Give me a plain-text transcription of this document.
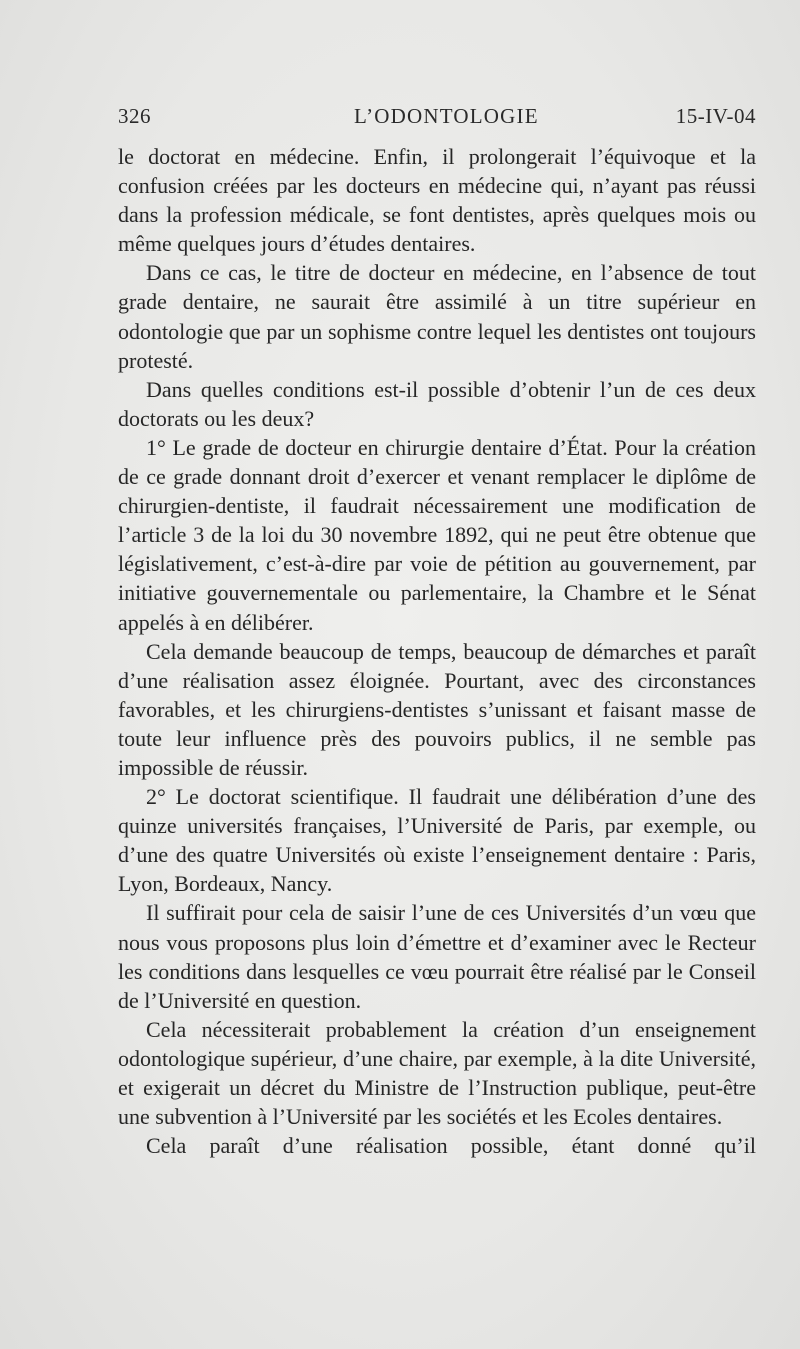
326	L’ODONTOLOGIE	15-IV-04

le doctorat en médecine. Enfin, il prolongerait l’équivoque et la confusion créées par les docteurs en médecine qui, n’ayant pas réussi dans la profession médicale, se font dentistes, après quelques mois ou même quelques jours d’études dentaires.

Dans ce cas, le titre de docteur en médecine, en l’absence de tout grade dentaire, ne saurait être assimilé à un titre supérieur en odontologie que par un sophisme contre lequel les dentistes ont toujours protesté.

Dans quelles conditions est-il possible d’obtenir l’un de ces deux doctorats ou les deux?

1° Le grade de docteur en chirurgie dentaire d’État. Pour la création de ce grade donnant droit d’exercer et venant remplacer le diplôme de chirurgien-dentiste, il faudrait nécessairement une modification de l’article 3 de la loi du 30 novembre 1892, qui ne peut être obtenue que législativement, c’est-à-dire par voie de pétition au gouvernement, par initiative gouvernementale ou parlementaire, la Chambre et le Sénat appelés à en délibérer.

Cela demande beaucoup de temps, beaucoup de démarches et paraît d’une réalisation assez éloignée. Pourtant, avec des circonstances favorables, et les chirurgiens-dentistes s’unissant et faisant masse de toute leur influence près des pouvoirs publics, il ne semble pas impossible de réussir.

2° Le doctorat scientifique. Il faudrait une délibération d’une des quinze universités françaises, l’Université de Paris, par exemple, ou d’une des quatre Universités où existe l’enseignement dentaire : Paris, Lyon, Bordeaux, Nancy.

Il suffirait pour cela de saisir l’une de ces Universités d’un vœu que nous vous proposons plus loin d’émettre et d’examiner avec le Recteur les conditions dans lesquelles ce vœu pourrait être réalisé par le Conseil de l’Université en question.

Cela nécessiterait probablement la création d’un enseignement odontologique supérieur, d’une chaire, par exemple, à la dite Université, et exigerait un décret du Ministre de l’Instruction publique, peut-être une subvention à l’Université par les sociétés et les Ecoles dentaires.

Cela paraît d’une réalisation possible, étant donné qu’il
